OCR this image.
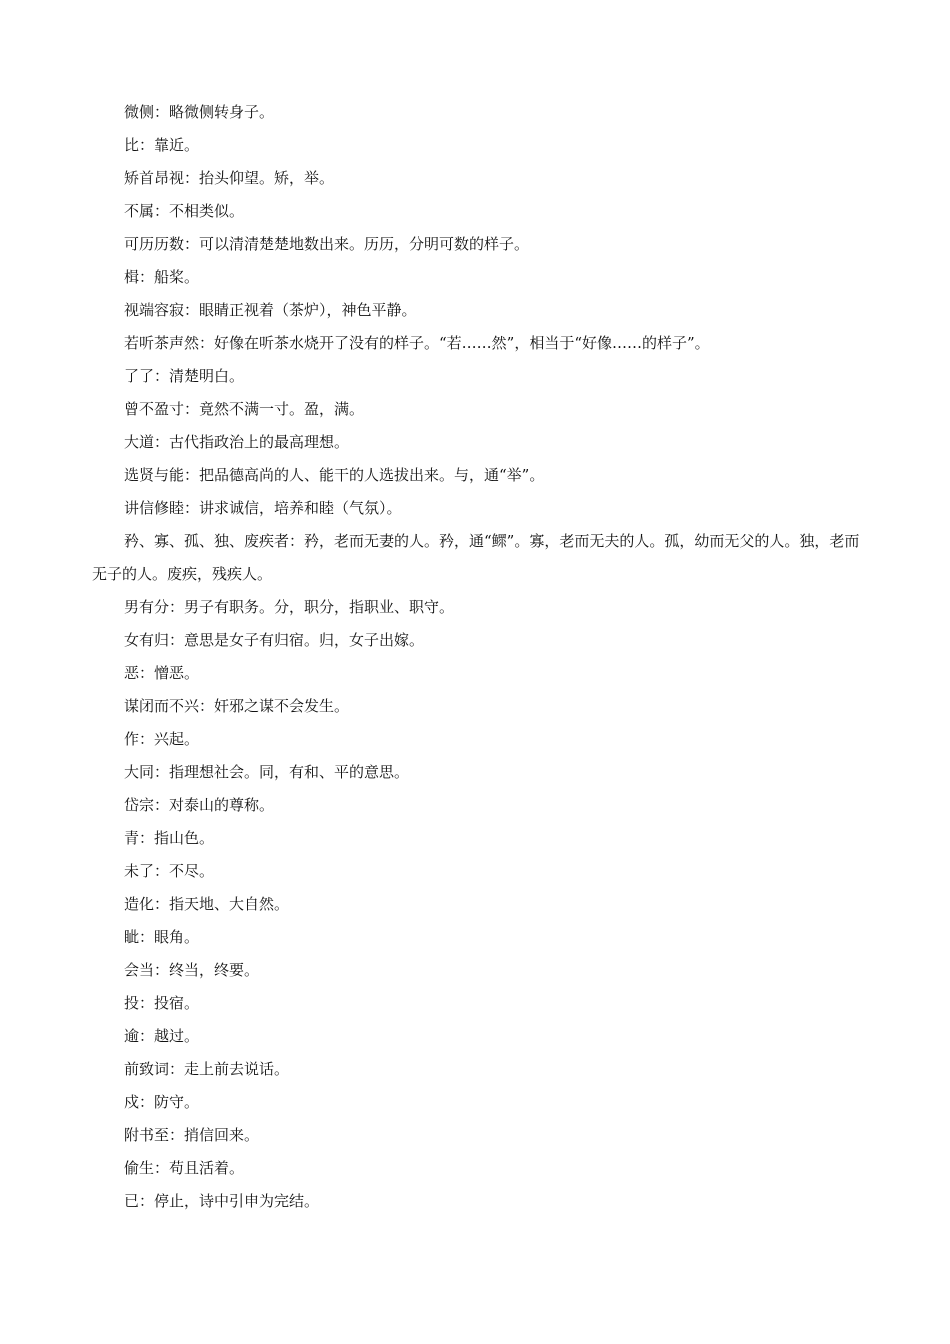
微侧：略微侧转身子。

比：靠近。

矫首昂视：抬头仰望。矫，举。

不属：不相类似。

可历历数：可以清清楚楚地数出来。历历，分明可数的样子。

楫：船桨。

视端容寂：眼睛正视着（茶炉），神色平静。

若听茶声然：好像在听茶水烧开了没有的样子。“若……然”，相当于“好像……的样子”。

了了：清楚明白。

曾不盈寸：竟然不满一寸。盈，满。

大道：古代指政治上的最高理想。

选贤与能：把品德高尚的人、能干的人选拔出来。与，通“举”。

讲信修睦：讲求诚信，培养和睦（气氛）。

矜、寡、孤、独、废疾者：矜，老而无妻的人。矜，通“鳏”。寡，老而无夫的人。孤，幼而无父的人。独，老而无子的人。废疾，残疾人。

男有分：男子有职务。分，职分，指职业、职守。

女有归：意思是女子有归宿。归，女子出嫁。

恶：憎恶。

谋闭而不兴：奸邪之谋不会发生。

作：兴起。

大同：指理想社会。同，有和、平的意思。

岱宗：对泰山的尊称。

青：指山色。

未了：不尽。

造化：指天地、大自然。

眦：眼角。

会当：终当，终要。

投：投宿。

逾：越过。

前致词：走上前去说话。

戍：防守。

附书至：捎信回来。

偷生：苟且活着。

已：停止，诗中引申为完结。
